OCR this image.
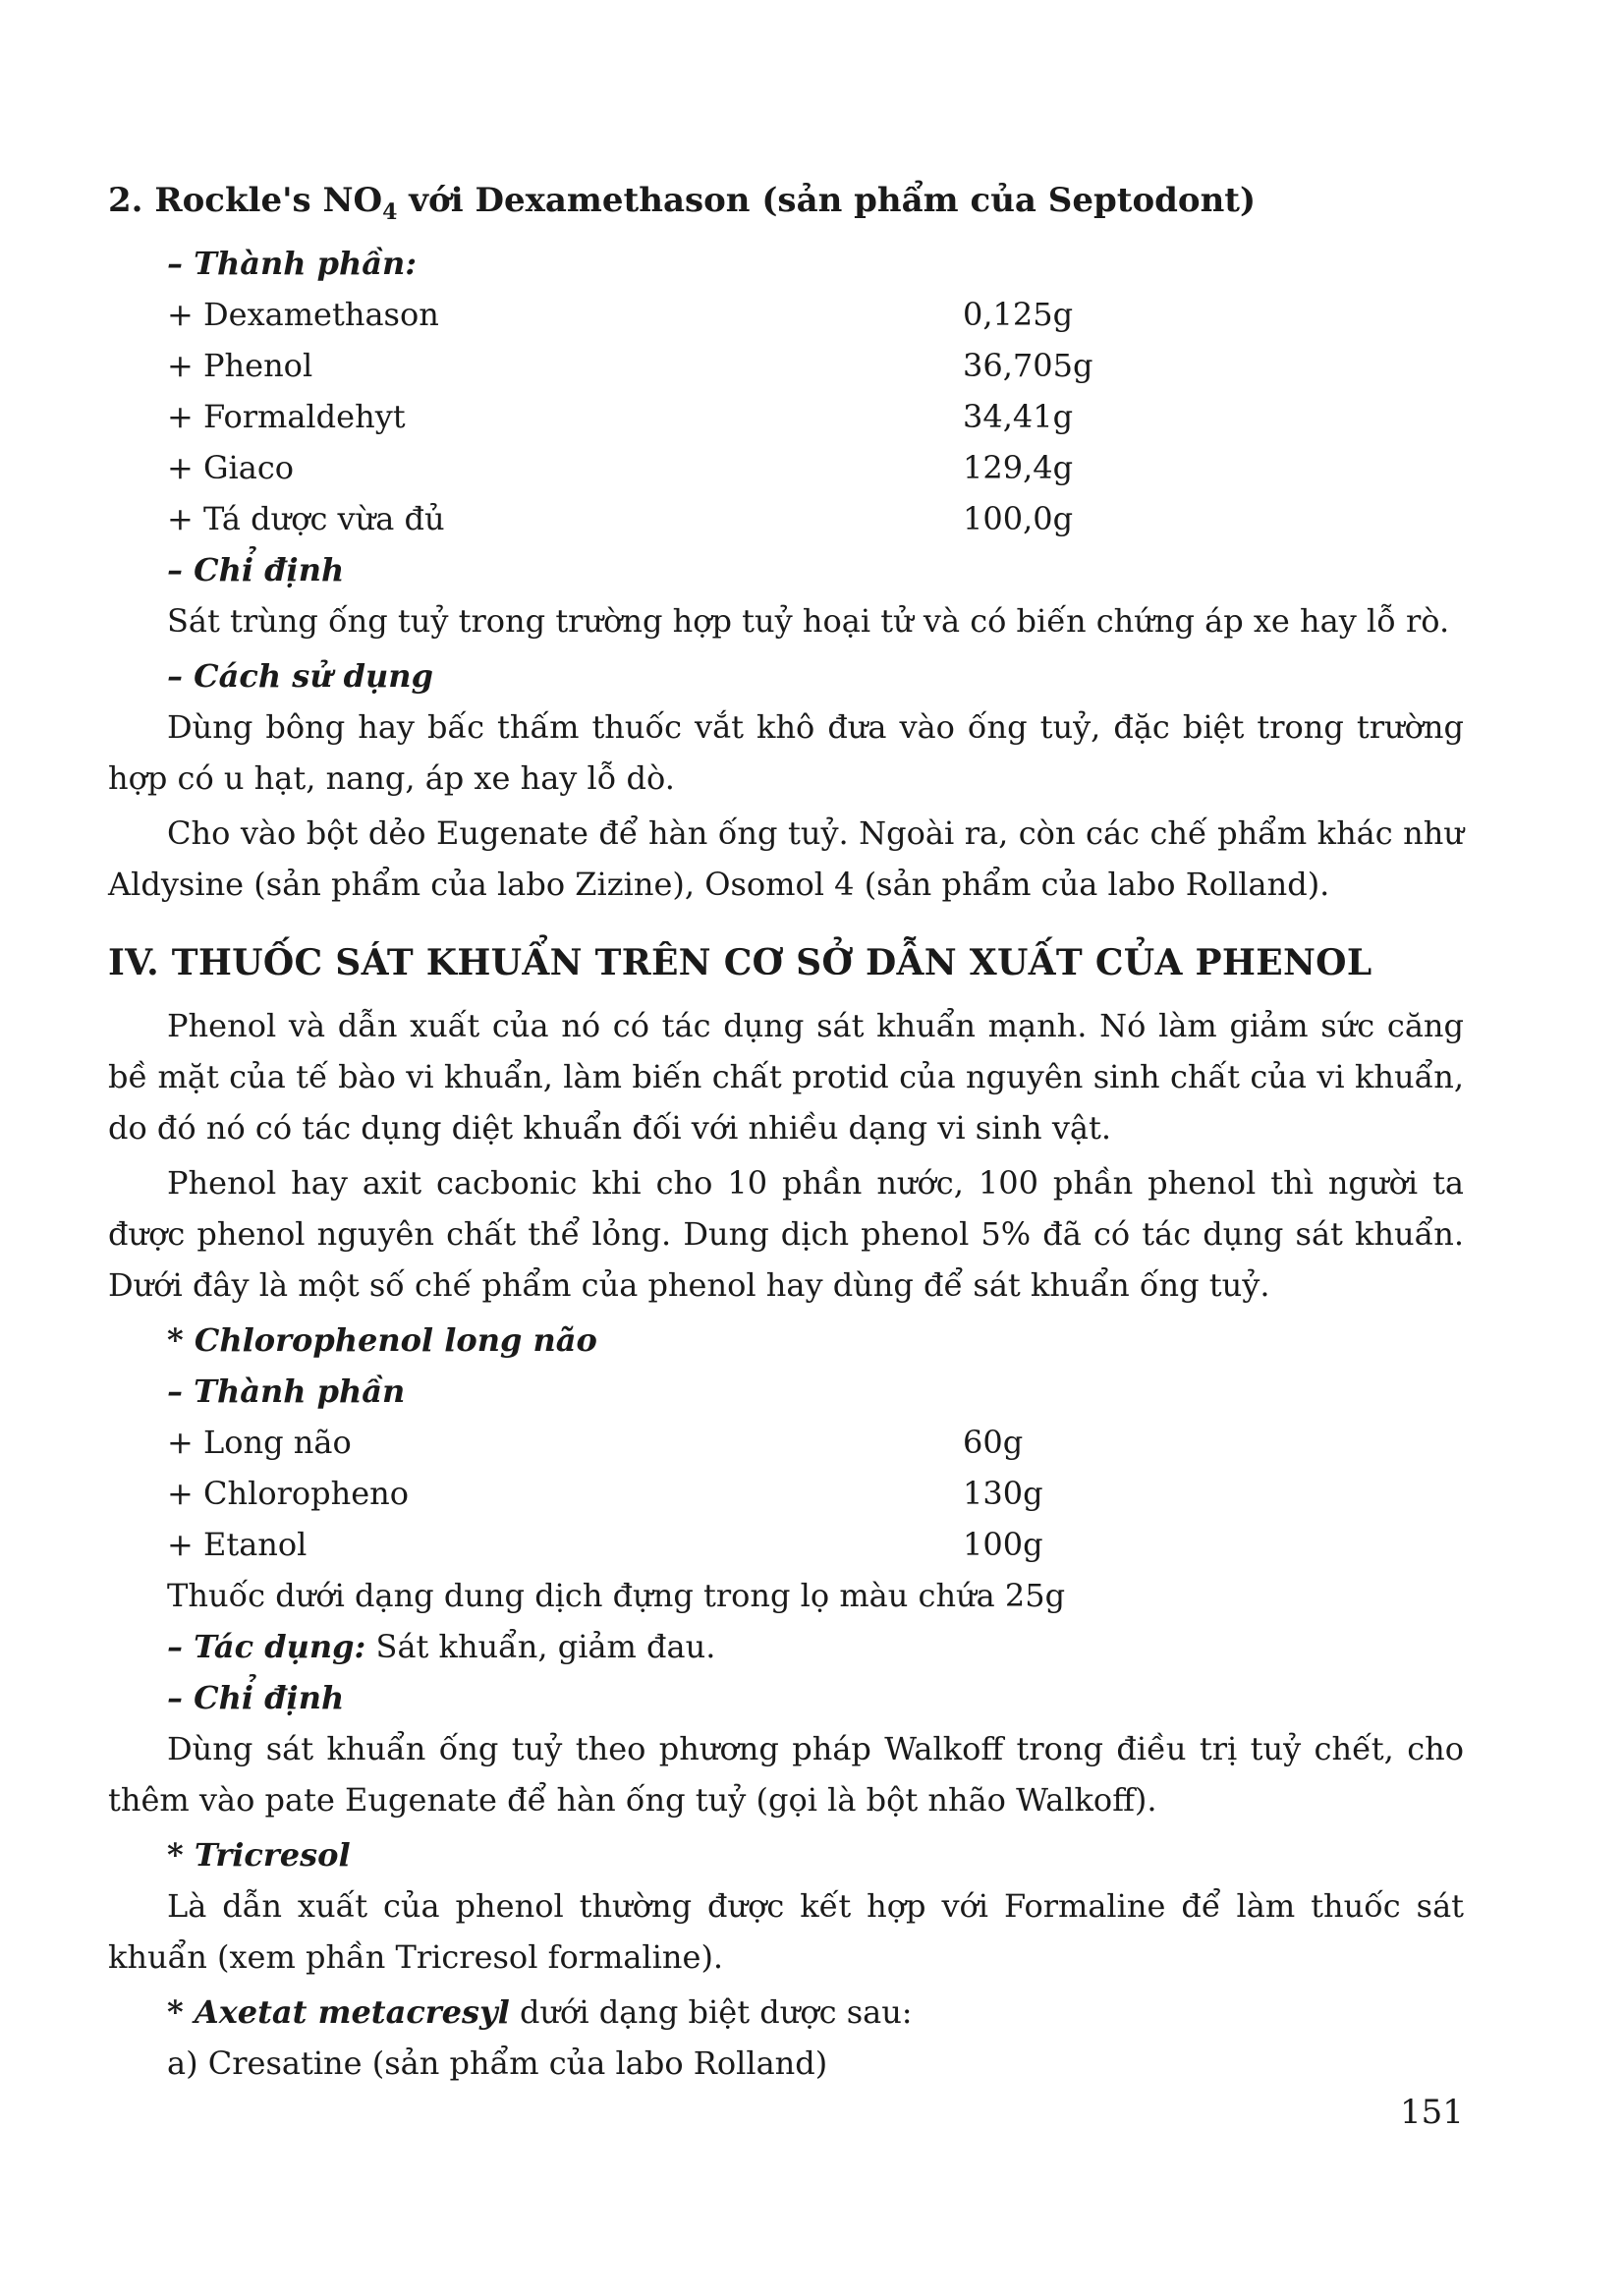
2. Rockle's $NO_4$ với Dexamethason (sản phẩm của Septodont)
– Thành phần:
+ Dexamethason	0,125g
+ Phenol	36,705g
+ Formaldehyt	34,41g
+ Giaco	129,4g
+ Tá dược vừa đủ	100,0g
– Chỉ định
Sát trùng ống tuỷ trong trường hợp tuỷ hoại tử và có biến chứng áp xe hay lỗ rò.
– Cách sử dụng
Dùng bông hay bấc thấm thuốc vắt khô đưa vào ống tuỷ, đặc biệt trong trường hợp có u hạt, nang, áp xe hay lỗ dò.
Cho vào bột dẻo Eugenate để hàn ống tuỷ. Ngoài ra, còn các chế phẩm khác như Aldysine (sản phẩm của labo Zizine), Osomol 4 (sản phẩm của labo Rolland).
IV. THUỐC SÁT KHUẨN TRÊN CƠ SỞ DẪN XUẤT CỦA PHENOL
Phenol và dẫn xuất của nó có tác dụng sát khuẩn mạnh. Nó làm giảm sức căng bề mặt của tế bào vi khuẩn, làm biến chất protid của nguyên sinh chất của vi khuẩn, do đó nó có tác dụng diệt khuẩn đối với nhiều dạng vi sinh vật.
Phenol hay axit cacbonic khi cho 10 phần nước, 100 phần phenol thì người ta được phenol nguyên chất thể lỏng. Dung dịch phenol 5% đã có tác dụng sát khuẩn. Dưới đây là một số chế phẩm của phenol hay dùng để sát khuẩn ống tuỷ.
* Chlorophenol long não
– Thành phần
+ Long não	60g
+ Chloropheno	130g
+ Etanol	100g
Thuốc dưới dạng dung dịch đựng trong lọ màu chứa 25g
– Tác dụng: Sát khuẩn, giảm đau.
– Chỉ định
Dùng sát khuẩn ống tuỷ theo phương pháp Walkoff trong điều trị tuỷ chết, cho thêm vào pate Eugenate để hàn ống tuỷ (gọi là bột nhão Walkoff).
* Tricresol
Là dẫn xuất của phenol thường được kết hợp với Formaline để làm thuốc sát khuẩn (xem phần Tricresol formaline).
* Axetat metacresyl dưới dạng biệt dược sau:
a) Cresatine (sản phẩm của labo Rolland)
151
